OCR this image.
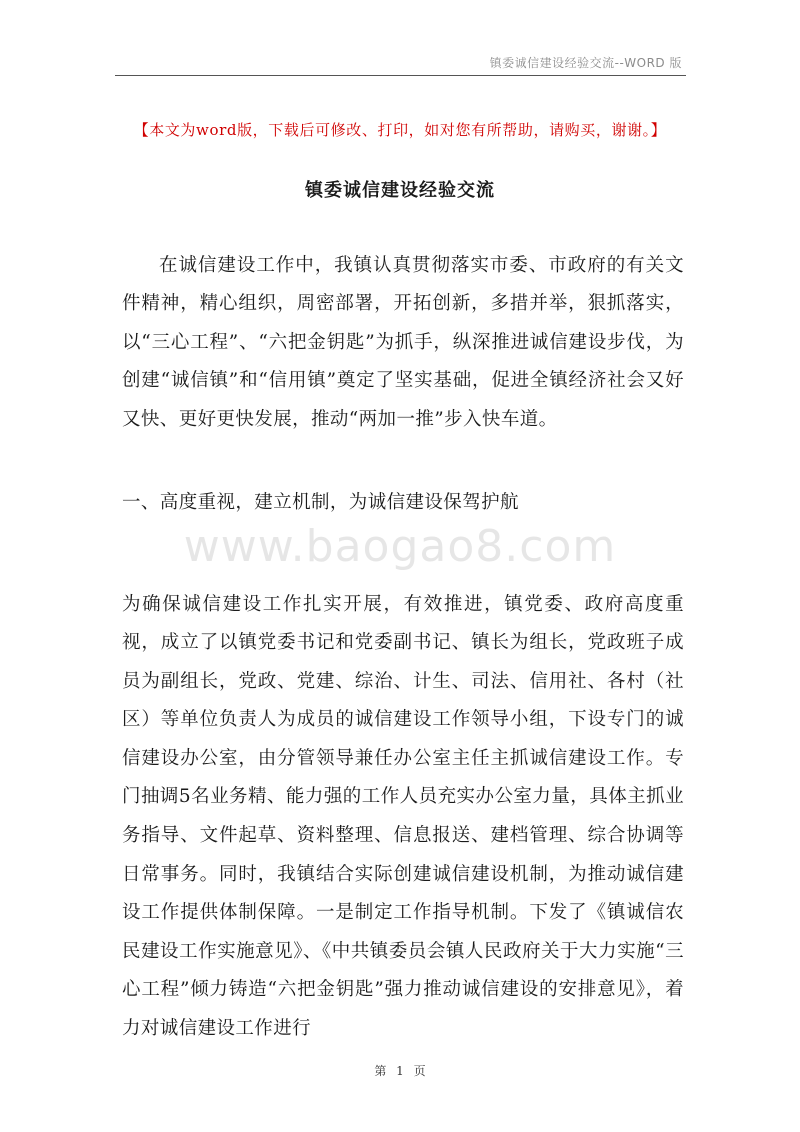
镇委诚信建设经验交流--WORD 版
【本文为word版，下载后可修改、打印，如对您有所帮助，请购买，谢谢。】
镇委诚信建设经验交流

在诚信建设工作中，我镇认真贯彻落实市委、市政府的有关文件精神，精心组织，周密部署，开拓创新，多措并举，狠抓落实，以“三心工程”、“六把金钥匙”为抓手，纵深推进诚信建设步伐，为创建“诚信镇”和“信用镇”奠定了坚实基础，促进全镇经济社会又好又快、更好更快发展，推动“两加一推”步入快车道。

一、高度重视，建立机制，为诚信建设保驾护航
www.baogao8.com

为确保诚信建设工作扎实开展，有效推进，镇党委、政府高度重视，成立了以镇党委书记和党委副书记、镇长为组长，党政班子成员为副组长，党政、党建、综治、计生、司法、信用社、各村（社区）等单位负责人为成员的诚信建设工作领导小组，下设专门的诚信建设办公室，由分管领导兼任办公室主任主抓诚信建设工作。专门抽调5名业务精、能力强的工作人员充实办公室力量，具体主抓业务指导、文件起草、资料整理、信息报送、建档管理、综合协调等日常事务。同时，我镇结合实际创建诚信建设机制，为推动诚信建设工作提供体制保障。一是制定工作指导机制。下发了《镇诚信农民建设工作实施意见》、《中共镇委员会镇人民政府关于大力实施“三心工程”倾力铸造“六把金钥匙”强力推动诚信建设的安排意见》，着力对诚信建设工作进行

第 1 页
